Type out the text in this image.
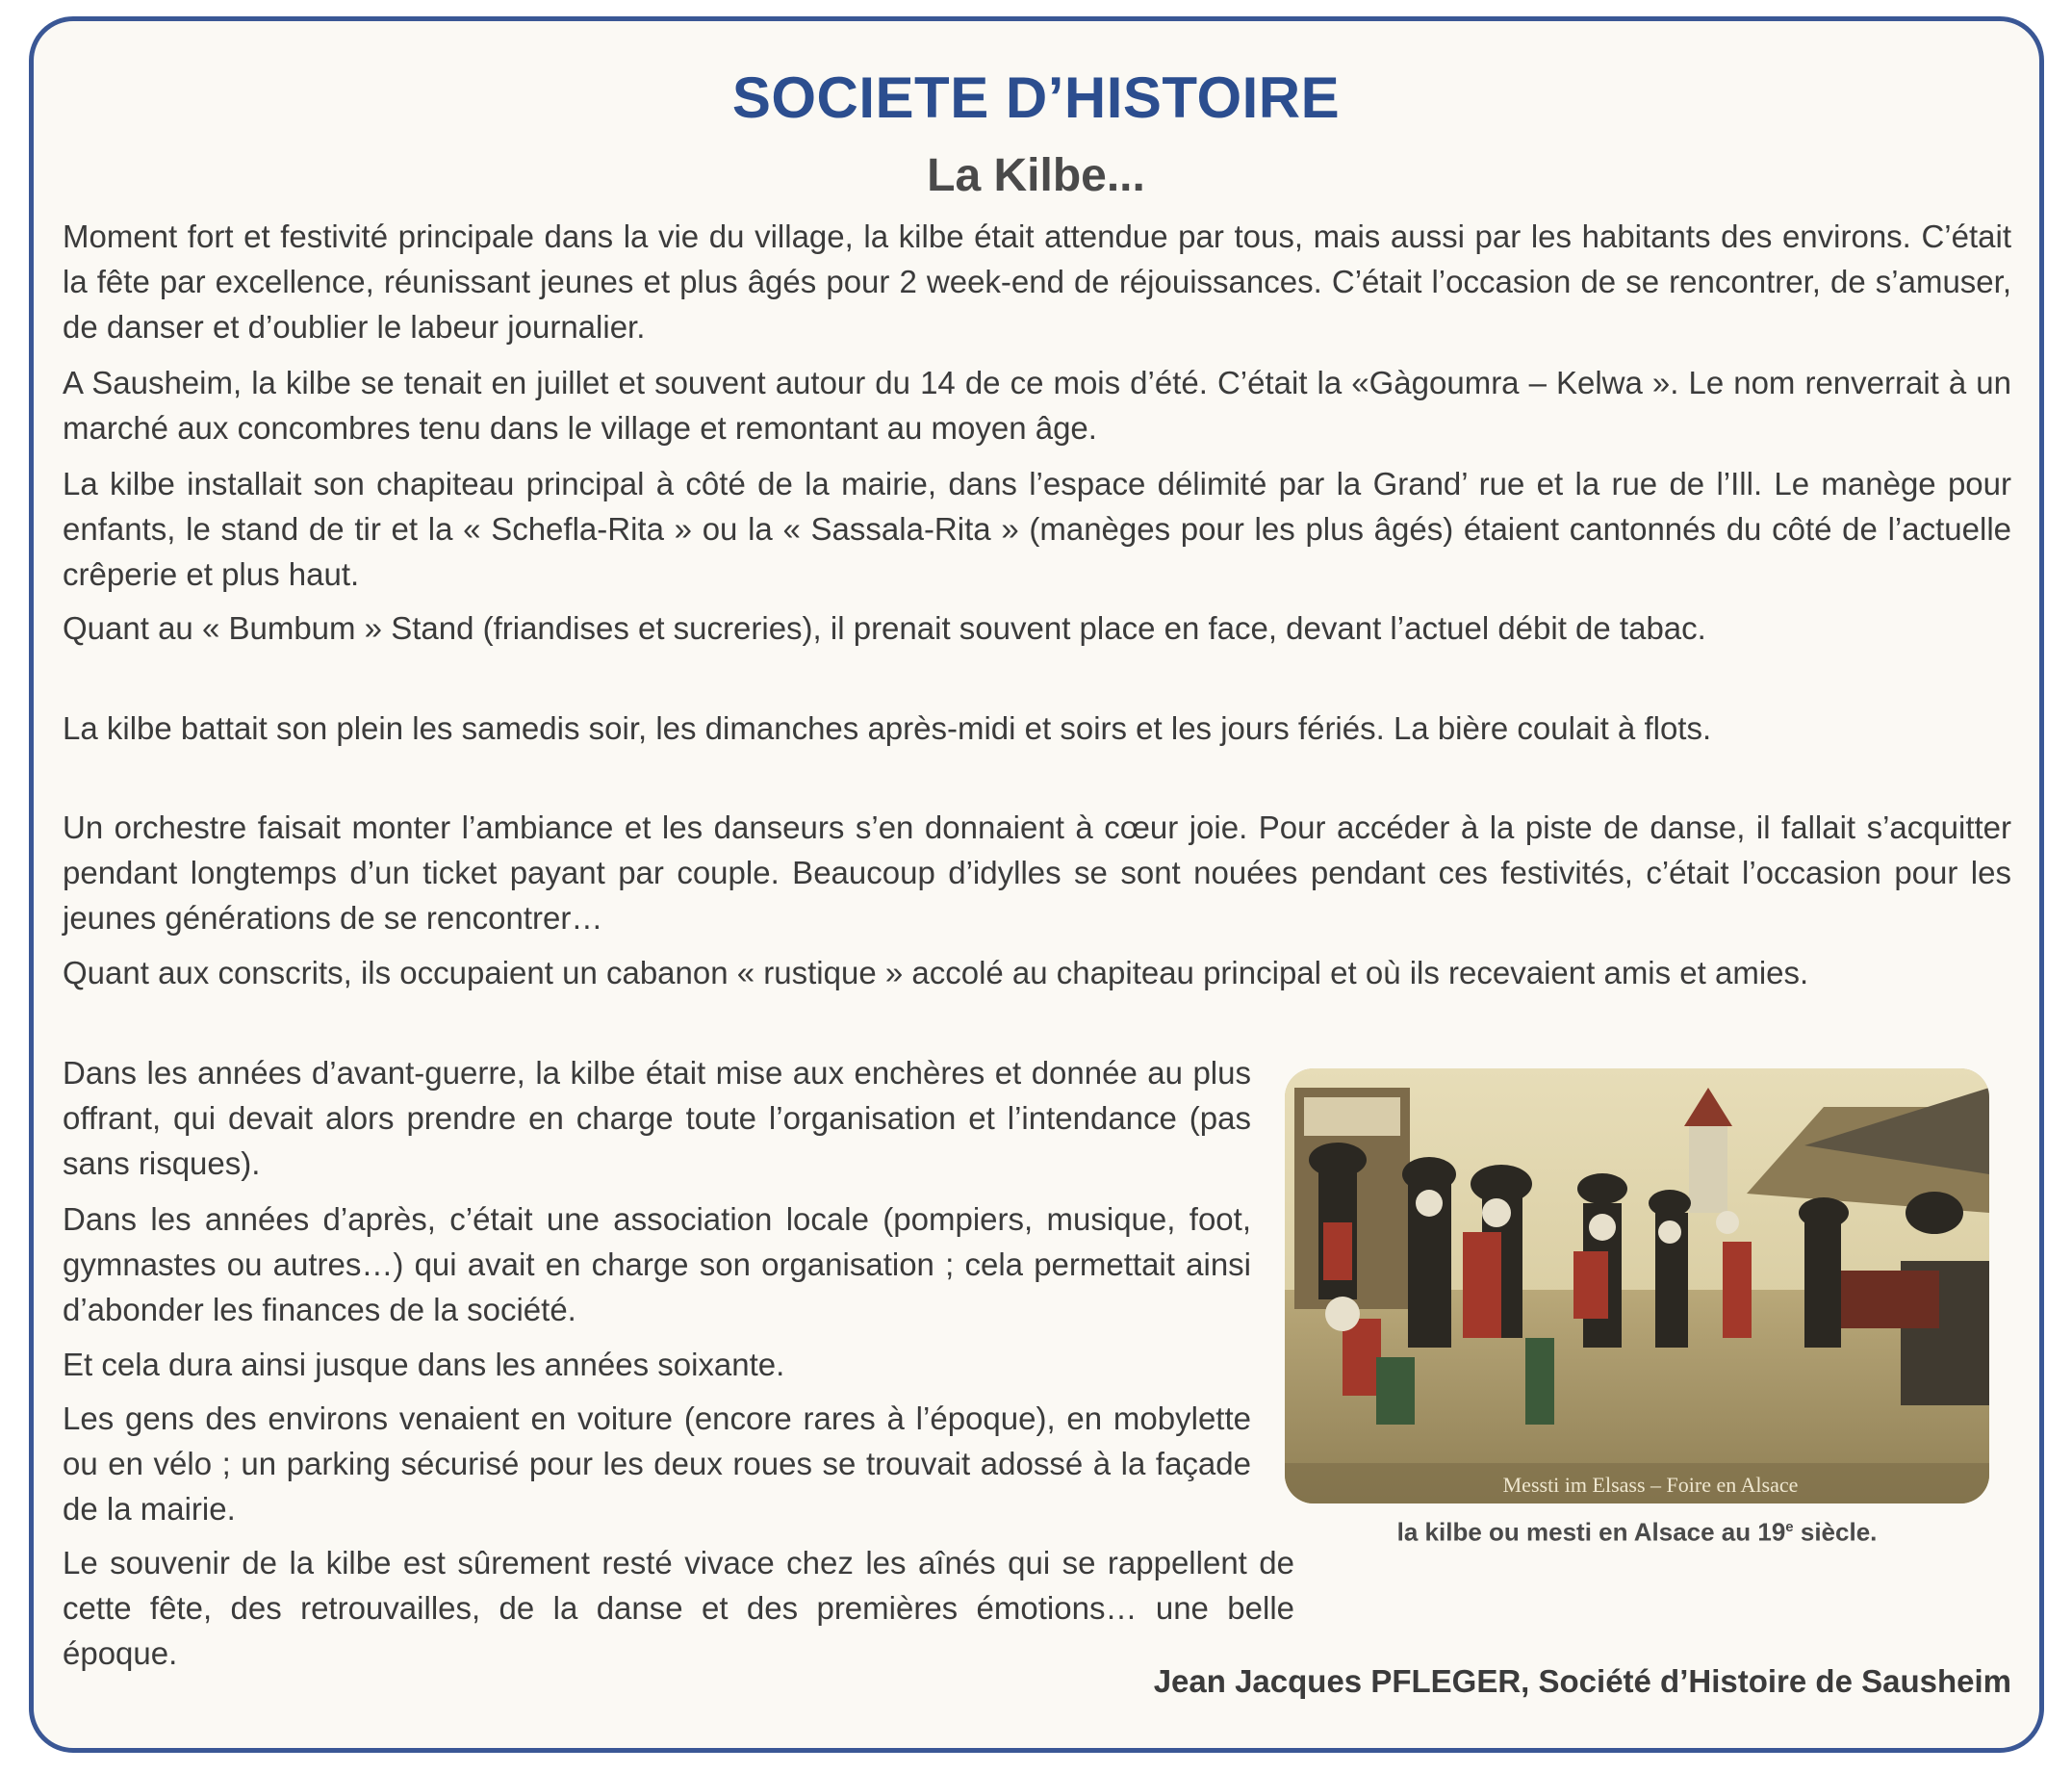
SOCIETE D’HISTOIRE
La Kilbe...

Moment fort et festivité principale dans la vie du village, la kilbe était attendue par tous, mais aussi par les habitants des environs. C’était la fête par excellence, réunissant jeunes et plus âgés pour 2 week-end de réjouissances. C’était l’occasion de se rencontrer, de s’amuser, de danser et d’oublier le labeur journalier.

A Sausheim, la kilbe se tenait en juillet et souvent autour du 14 de ce mois d’été. C’était la «Gàgoumra – Kelwa ». Le nom renverrait à un marché aux concombres tenu dans le village et remontant au moyen âge.

La kilbe installait son chapiteau principal à côté de la mairie, dans l’espace délimité par la Grand’ rue et la rue de l’Ill. Le manège pour enfants, le stand de tir et la « Schefla-Rita » ou la « Sassala-Rita » (manèges pour les plus âgés) étaient cantonnés du côté de l’actuelle crêperie et plus haut.

Quant au « Bumbum » Stand (friandises et sucreries), il prenait souvent place en face, devant l’actuel débit de tabac.

La kilbe battait son plein les samedis soir, les dimanches après-midi et soirs et les jours fériés. La bière coulait à flots.

Un orchestre faisait monter l’ambiance et les danseurs s’en donnaient à cœur joie. Pour accéder à la piste de danse, il fallait s’acquitter pendant longtemps d’un ticket payant par couple. Beaucoup d’idylles se sont nouées pendant ces festivités, c’était l’occasion pour les jeunes générations de se rencontrer…

Quant aux conscrits, ils occupaient un cabanon « rustique » accolé au chapiteau principal et où ils recevaient amis et amies.

Dans les années d’avant-guerre, la kilbe était mise aux enchères et donnée au plus offrant, qui devait alors prendre en charge toute l’organisation et l’intendance (pas sans risques).

Dans les années d’après, c’était une association locale (pompiers, musique, foot, gymnastes ou autres…) qui avait en charge son organisation ; cela permettait ainsi d’abonder les finances de la société.

Et cela dura ainsi jusque dans les années soixante.

Les gens des environs venaient en voiture (encore rares à l’époque), en mobylette ou en vélo ; un parking sécurisé pour les deux roues se trouvait adossé à la façade de la mairie.

Le souvenir de la kilbe est sûrement resté vivace chez les aînés qui se rappellent de cette fête, des retrouvailles, de la danse et des premières émotions… une belle époque.

Messti im Elsass – Foire en Alsace

la kilbe ou mesti en Alsace au 19e siècle.

Jean Jacques PFLEGER, Société d’Histoire de Sausheim
